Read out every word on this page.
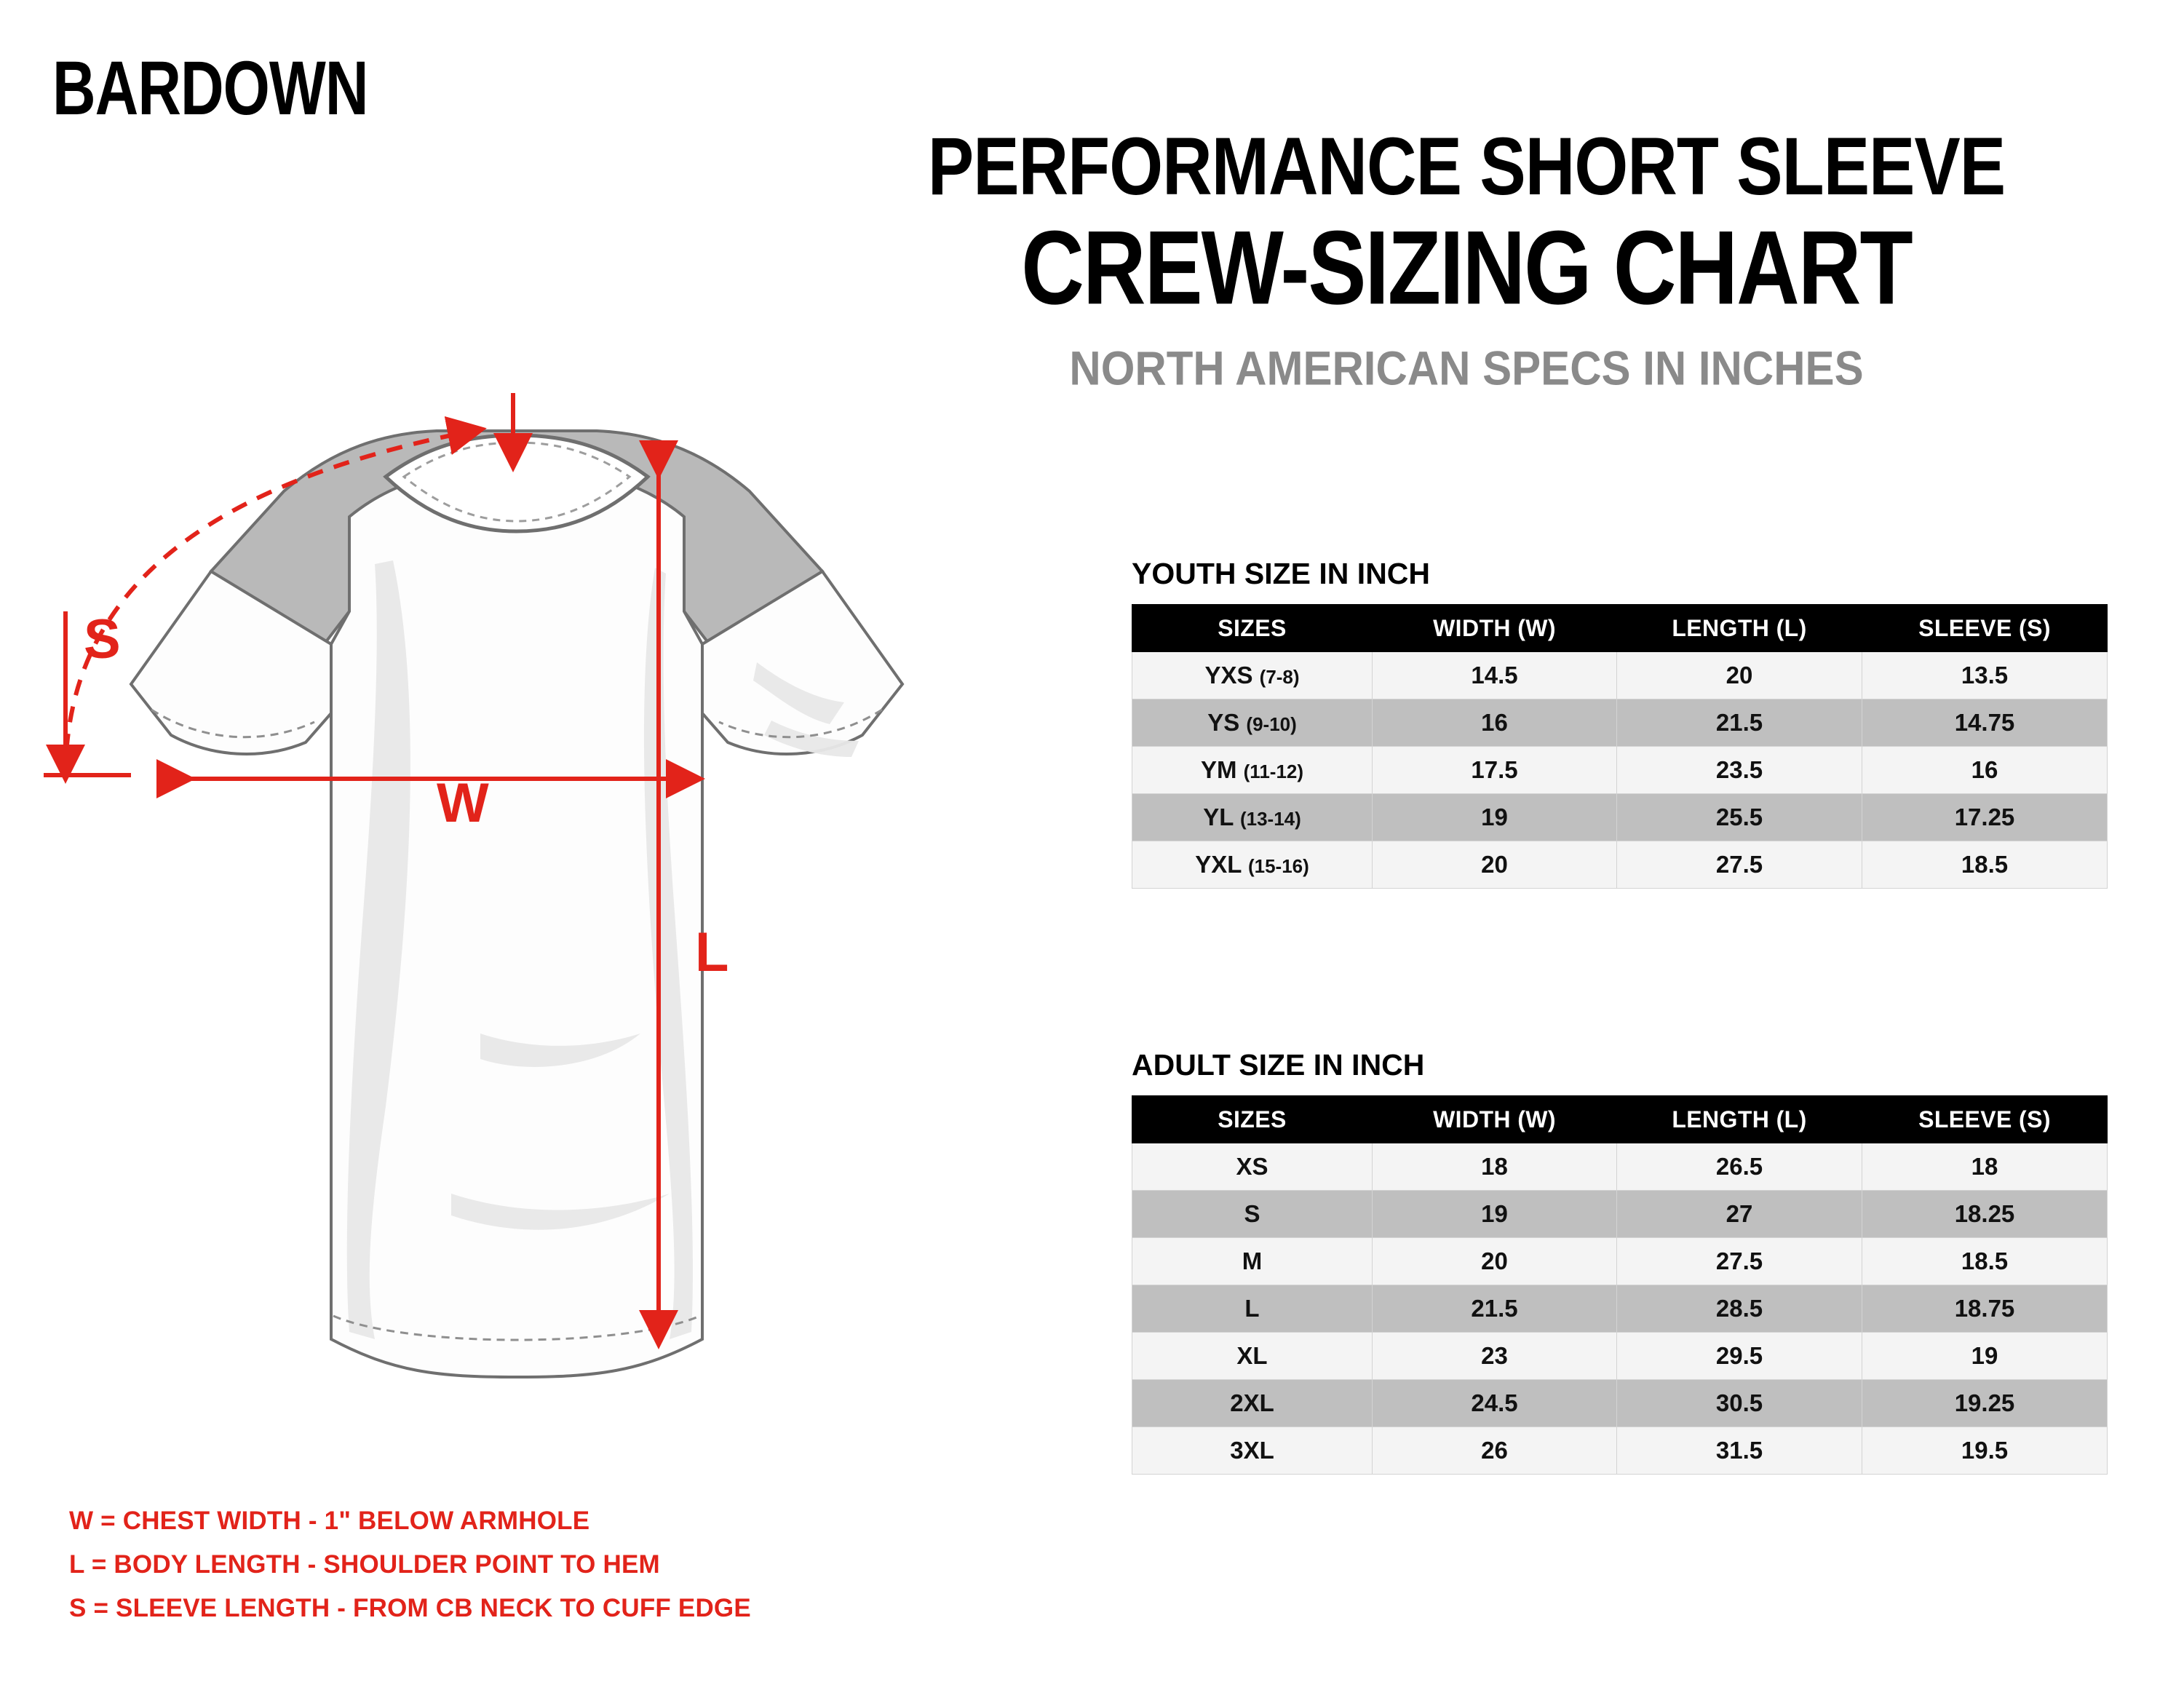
BARDOWN
PERFORMANCE SHORT SLEEVE
CREW-SIZING CHART
NORTH AMERICAN SPECS IN INCHES
S
W
L
W = CHEST WIDTH - 1" BELOW ARMHOLE
L = BODY LENGTH - SHOULDER POINT TO HEM
S = SLEEVE LENGTH - FROM CB NECK TO CUFF EDGE
YOUTH SIZE IN INCH
SIZES	WIDTH (W)	LENGTH (L)	SLEEVE (S)
YXS (7-8)	14.5	20	13.5
YS (9-10)	16	21.5	14.75
YM (11-12)	17.5	23.5	16
YL (13-14)	19	25.5	17.25
YXL (15-16)	20	27.5	18.5
ADULT SIZE IN INCH
SIZES	WIDTH (W)	LENGTH (L)	SLEEVE (S)
XS	18	26.5	18
S	19	27	18.25
M	20	27.5	18.5
L	21.5	28.5	18.75
XL	23	29.5	19
2XL	24.5	30.5	19.25
3XL	26	31.5	19.5
